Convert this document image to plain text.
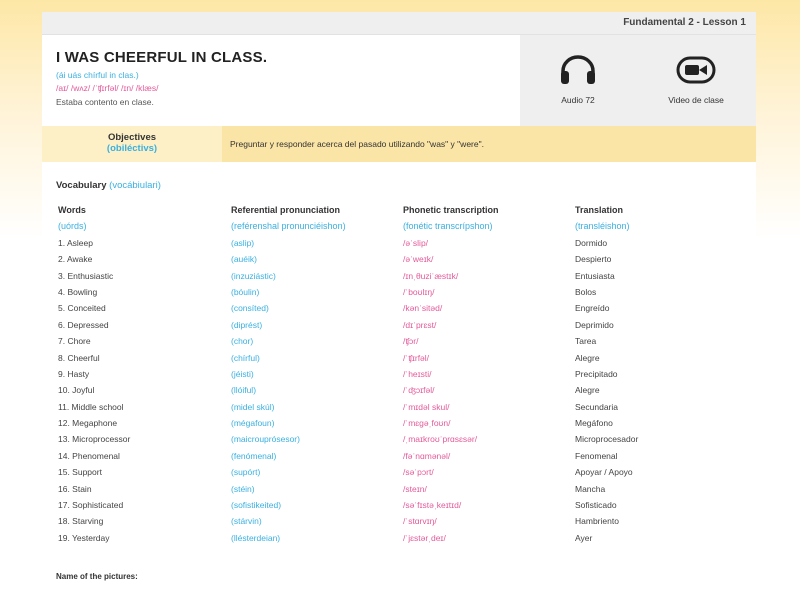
Fundamental 2 - Lesson 1
I WAS CHEERFUL IN CLASS.
(ái uás chírful in clas.)
/aɪ/ /wʌz/ /ˈʧɪrfəl/ /ɪn/ /klæs/
Estaba contento en clase.	Audio 72	Video de clase
Objectives
(obiléctivs)	Preguntar y responder acerca del pasado utilizando "was" y "were".
Vocabulary (vocábiulari)
Words	Referential pronunciation	Phonetic transcription	Translation
(uórds)	(reférenshal pronunciéishon)	(fonétic transcrípshon)	(transléishon)
1. Asleep	(aslip)	/əˈslip/	Dormido
2. Awake	(auéik)	/əˈweɪk/	Despierto
3. Enthusiastic	(inzuziástic)	/ɪnˌθuziˈæstɪk/	Entusiasta
4. Bowling	(bóulin)	/ˈboʊlɪŋ/	Bolos
5. Conceited	(consíted)	/kənˈsitəd/	Engreído
6. Depressed	(diprést)	/dɪˈprɛst/	Deprimido
7. Chore	(chor)	/ʧɔr/	Tarea
8. Cheerful	(chírful)	/ˈʧɪrfəl/	Alegre
9. Hasty	(jéisti)	/ˈheɪsti/	Precipitado
10. Joyful	(llóiful)	/ˈʤɔɪfəl/	Alegre
11. Middle school	(midel skúl)	/ˈmɪdəl skul/	Secundaria
12. Megaphone	(mégafoun)	/ˈmɛgəˌfoʊn/	Megáfono
13. Microprocessor	(maicrouprósesor)	/ˌmaɪkroʊˈprɑsɛsər/	Microprocesador
14. Phenomenal	(fenómenal)	/fəˈnɑmənəl/	Fenomenal
15. Support	(supórt)	/səˈpɔrt/	Apoyar / Apoyo
16. Stain	(stéin)	/steɪn/	Mancha
17. Sophisticated	(sofistikeited)	/səˈfɪstəˌkeɪtɪd/	Sofisticado
18. Starving	(stárvin)	/ˈstɑrvɪŋ/	Hambriento
19. Yesterday	(llésterdeian)	/ˈjɛstərˌdeɪ/	Ayer
Name of the pictures:
